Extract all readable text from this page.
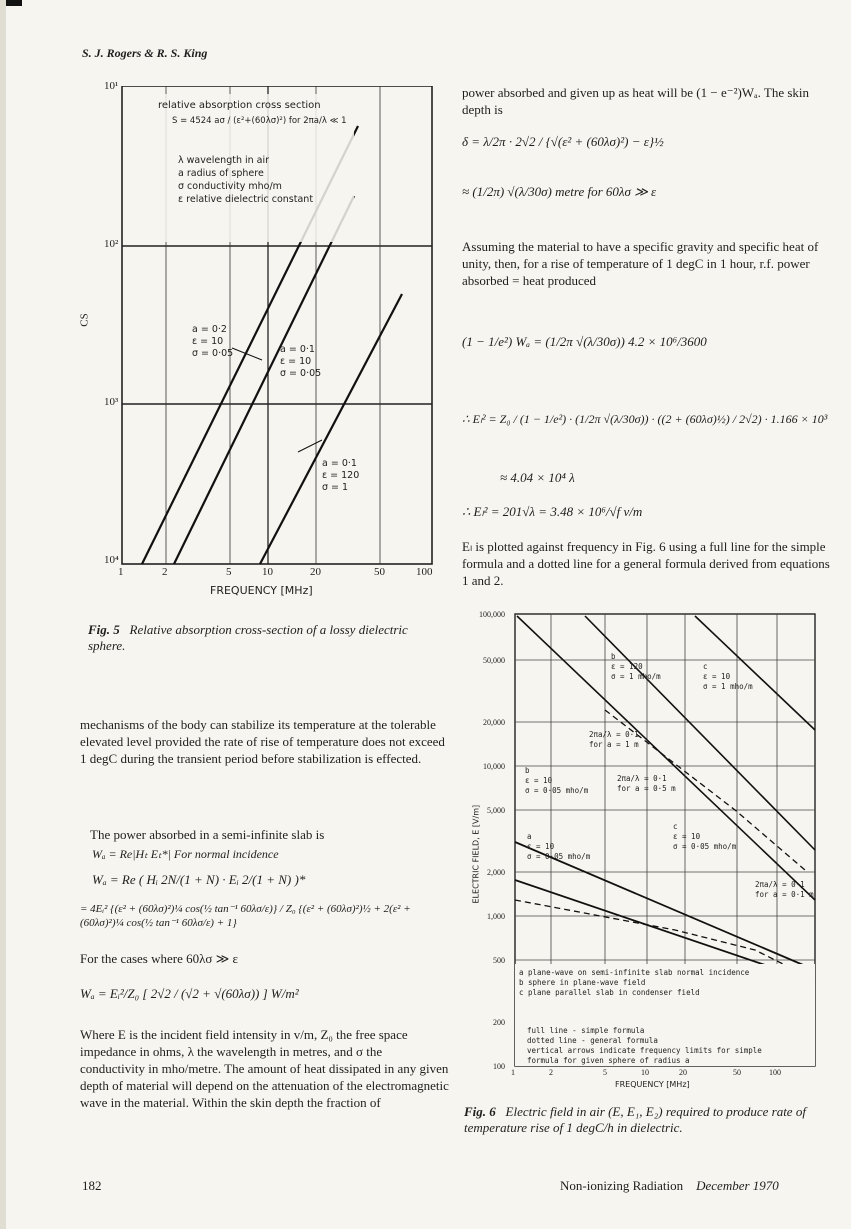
S. J. Rogers & R. S. King
relative absorption cross section
S = 4524 aσ / (ε²+(60λσ)²) for 2πa/λ ≪ 1
λ wavelength in air
a radius of sphere
σ conductivity mho/m
ε relative dielectric constant
a = 0·2
ε = 10
σ = 0·05	a = 0·1
ε = 10
σ = 0·05
a = 0·1
ε = 120
σ = 1
10¹
10²
10³
10⁴
CS
1	2	5	10	20	50	100
FREQUENCY [MHz]
Fig. 5 Relative absorption cross-section of a lossy dielectric sphere.
mechanisms of the body can stabilize its temperature at the tolerable elevated level provided the rate of rise of temperature does not exceed 1 degC during the transient period before stabilization is effected.
The power absorbed in a semi-infinite slab is
Wₐ = Re|Hₜ Eₜ*| For normal incidence
Wₐ = Re ( Hᵢ 2N/(1 + N) · Eᵢ 2/(1 + N) )*
= 4Eᵢ² {(ε² + (60λσ)²)¼ cos(½ tan⁻¹ 60λσ/ε)} / Z₀ {(ε² + (60λσ)²)½ + 2(ε² + (60λσ)²)¼ cos(½ tan⁻¹ 60λσ/ε) + 1}
For the cases where 60λσ ≫ ε
Wₐ = Eᵢ²/Z₀ [ 2√2 / (√2 + √(60λσ)) ] W/m²
Where E is the incident field intensity in v/m, Z₀ the free space impedance in ohms, λ the wavelength in metres, and σ the conductivity in mho/metre. The amount of heat dissipated in any given depth of material will depend on the attenuation of the electromagnetic wave in the material. Within the skin depth the fraction of
power absorbed and given up as heat will be (1 − e⁻²)Wₐ. The skin depth is
δ = λ/2π · 2√2 / {√(ε² + (60λσ)²) − ε}½
≈ (1/2π) √(λ/30σ) metre for 60λσ ≫ ε
Assuming the material to have a specific gravity and specific heat of unity, then, for a rise of temperature of 1 degC in 1 hour, r.f. power absorbed = heat produced
(1 − 1/e²) Wₐ = (1/2π √(λ/30σ)) 4.2 × 10⁶/3600
∴ Eₗ² = Z₀ / (1 − 1/e²) · (1/2π √(λ/30σ)) · ((2 + (60λσ)½) / 2√2) · 1.166 × 10³
≈ 4.04 × 10⁴ λ
∴ Eₗ² = 201√λ = 3.48 × 10⁶/√f v/m
Eₗ is plotted against frequency in Fig. 6 using a full line for the simple formula and a dotted line for a general formula derived from equations 1 and 2.
100,000
50,000
20,000
10,000
5,000
2,000
1,000
500
200
100
ELECTRIC FIELD, E [V/m]
1	2	5	10	20	50	100
FREQUENCY [MHz]
b
ε = 120
σ = 1 mho/m
c
ε = 10
σ = 1 mho/m
2πa/λ = 0·1
for a = 1 m
b
ε = 10
σ = 0·05 mho/m
2πa/λ = 0·1
for a = 0·5 m
a
ε = 10
σ = 0·05 mho/m
c
ε = 10
σ = 0·05 mho/m
2πa/λ = 0·1
for a = 0·1 m
a plane-wave on semi-infinite slab normal incidence
b sphere in plane-wave field
c plane parallel slab in condenser field
full line - simple formula
dotted line - general formula
vertical arrows indicate frequency limits for simple
formula for given sphere of radius a
Fig. 6 Electric field in air (E, E₁, E₂) required to produce rate of temperature rise of 1 degC/h in dielectric.
182	Non-ionizing Radiation December 1970
